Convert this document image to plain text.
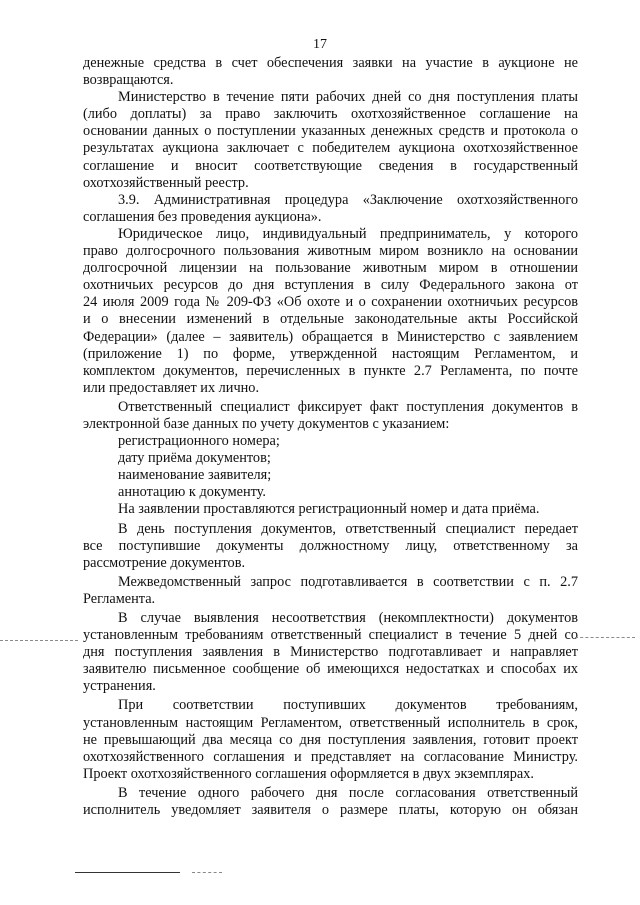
17
денежные средства в счет обеспечения заявки на участие в аукционе не
возвращаются.
Министерство в течение пяти рабочих дней со дня поступления платы
(либо доплаты) за право заключить охотхозяйственное соглашение на
основании данных о поступлении указанных денежных средств и протокола о
результатах аукциона заключает с победителем аукциона охотхозяйственное
соглашение и вносит соответствующие сведения в государственный
охотхозяйственный реестр.
3.9. Административная процедура «Заключение охотхозяйственного
соглашения без проведения аукциона».
Юридическое лицо, индивидуальный предприниматель, у которого
право долгосрочного пользования животным миром возникло на основании
долгосрочной лицензии на пользование животным миром в отношении
охотничьих ресурсов до дня вступления в силу Федерального закона от
24 июля 2009 года № 209-ФЗ «Об охоте и о сохранении охотничьих ресурсов
и о внесении изменений в отдельные законодательные акты Российской
Федерации» (далее – заявитель) обращается в Министерство с заявлением
(приложение 1) по форме, утвержденной настоящим Регламентом, и
комплектом документов, перечисленных в пункте 2.7 Регламента, по почте
или предоставляет их лично.
Ответственный специалист фиксирует факт поступления документов в
электронной базе данных по учету документов с указанием:
регистрационного номера;
дату приёма документов;
наименование заявителя;
аннотацию к документу.
На заявлении проставляются регистрационный номер и дата приёма.
В день поступления документов, ответственный специалист передает
все поступившие документы должностному лицу, ответственному за
рассмотрение документов.
Межведомственный запрос подготавливается в соответствии с п. 2.7
Регламента.
В случае выявления несоответствия (некомплектности) документов
установленным требованиям ответственный специалист в течение 5 дней со
дня поступления заявления в Министерство подготавливает и направляет
заявителю письменное сообщение об имеющихся недостатках и способах их
устранения.
При соответствии поступивших документов требованиям,
установленным настоящим Регламентом, ответственный исполнитель в срок,
не превышающий два месяца со дня поступления заявления, готовит проект
охотхозяйственного соглашения и представляет на согласование Министру.
Проект охотхозяйственного соглашения оформляется в двух экземплярах.
В течение одного рабочего дня после согласования ответственный
исполнитель уведомляет заявителя о размере платы, которую он обязан
